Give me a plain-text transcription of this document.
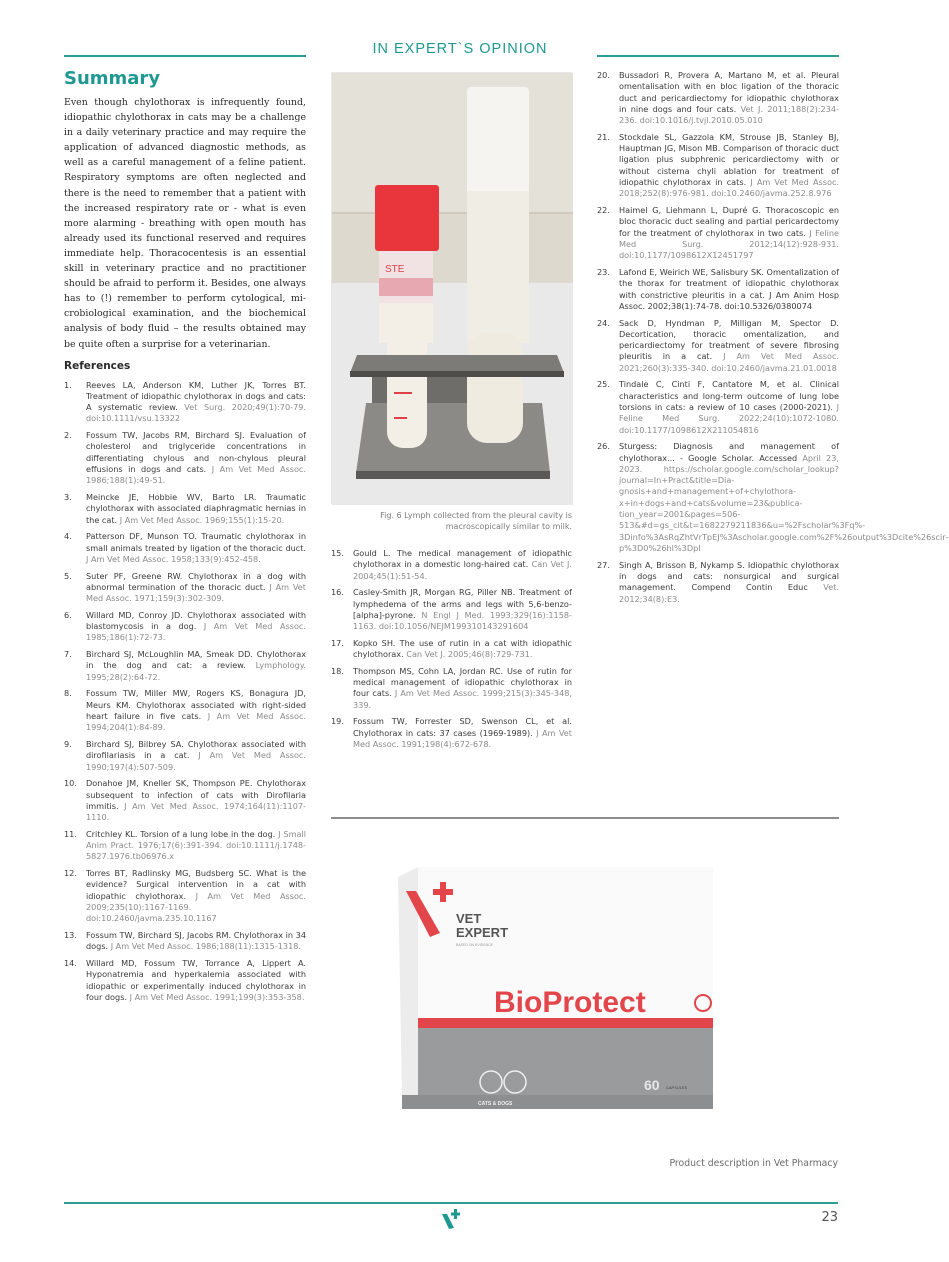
IN EXPERT`S OPINION
Summary

Even though chylothorax is infrequently found, idiopathic chylothorax in cats may be a challenge in a daily veterinary practice and may require the application of advanced diagnostic methods, as well as a careful management of a feline patient. Respiratory symptoms are often neglected and there is the need to remember that a patient with the increased respiratory rate or - what is even more alarming - breathing with open mouth has already used its functional reserved and requires immediate help. Thoracocentesis is an essential skill in veterinary practice and no practitioner should be afraid to perform it. Besides, one always has to (!) remember to perform cytological, microbiological examination, and the biochemical analysis of body fluid – the results obtained may be quite often a surprise for a veterinarian.

References
1. Reeves LA, Anderson KM, Luther JK, Torres BT. Treatment of idiopathic chylothorax in dogs and cats: A systematic review. Vet Surg. 2020;49(1):70-79. doi:10.1111/vsu.13322
2. Fossum TW, Jacobs RM, Birchard SJ. Evaluation of cholesterol and triglyceride concentrations in differentiating chylous and non-chylous pleural effusions in dogs and cats. J Am Vet Med Assoc. 1986;188(1):49-51.
3. Meincke JE, Hobbie WV, Barto LR. Traumatic chylothorax with associated diaphragmatic hernias in the cat. J Am Vet Med Assoc. 1969;155(1):15-20.
4. Patterson DF, Munson TO. Traumatic chylothorax in small animals treated by ligation of the thoracic duct. J Am Vet Med Assoc. 1958;133(9):452-458.
5. Suter PF, Greene RW. Chylothorax in a dog with abnormal termination of the thoracic duct. J Am Vet Med Assoc. 1971;159(3):302-309.
6. Willard MD, Conroy JD. Chylothorax associated with blastomycosis in a dog. J Am Vet Med Assoc. 1985;186(1):72-73.
7. Birchard SJ, McLoughlin MA, Smeak DD. Chylothorax in the dog and cat: a review. Lymphology. 1995;28(2):64-72.
8. Fossum TW, Miller MW, Rogers KS, Bonagura JD, Meurs KM. Chylothorax associated with right-sided heart failure in five cats. J Am Vet Med Assoc. 1994;204(1):84-89.
9. Birchard SJ, Bilbrey SA. Chylothorax associated with dirofilariasis in a cat. J Am Vet Med Assoc. 1990;197(4):507-509.
10. Donahoe JM, Kneller SK, Thompson PE. Chylothorax subsequent to infection of cats with Dirofilaria immitis. J Am Vet Med Assoc. 1974;164(11):1107-1110.
11. Critchley KL. Torsion of a lung lobe in the dog. J Small Anim Pract. 1976;17(6):391-394. doi:10.1111/j.1748-5827.1976.tb06976.x
12. Torres BT, Radlinsky MG, Budsberg SC. What is the evidence? Surgical intervention in a cat with idiopathic chylothorax. J Am Vet Med Assoc. 2009;235(10):1167-1169. doi:10.2460/javma.235.10.1167
13. Fossum TW, Birchard SJ, Jacobs RM. Chylothorax in 34 dogs. J Am Vet Med Assoc. 1986;188(11):1315-1318.
14. Willard MD, Fossum TW, Torrance A, Lippert A. Hyponatremia and hyperkalemia associated with idiopathic or experimentally induced chylothorax in four dogs. J Am Vet Med Assoc. 1991;199(3):353-358.
STE

Fig. 6 Lymph collected from the pleural cavity is macroscopically similar to milk.

15. Gould L. The medical management of idiopathic chylothorax in a domestic long-haired cat. Can Vet J. 2004;45(1):51-54.
16. Casley-Smith JR, Morgan RG, Piller NB. Treatment of lymphedema of the arms and legs with 5,6-benzo-[alpha]-pyrone. N Engl J Med. 1993;329(16):1158-1163. doi:10.1056/NEJM199310143291604
17. Kopko SH. The use of rutin in a cat with idiopathic chylothorax. Can Vet J. 2005;46(8):729-731.
18. Thompson MS, Cohn LA, Jordan RC. Use of rutin for medical management of idiopathic chylothorax in four cats. J Am Vet Med Assoc. 1999;215(3):345-348, 339.
19. Fossum TW, Forrester SD, Swenson CL, et al. Chylothorax in cats: 37 cases (1969-1989). J Am Vet Med Assoc. 1991;198(4):672-678.
20. Bussadori R, Provera A, Martano M, et al. Pleural omentalisation with en bloc ligation of the thoracic duct and pericardiectomy for idiopathic chylothorax in nine dogs and four cats. Vet J. 2011;188(2):234-236. doi:10.1016/j.tvjl.2010.05.010
21. Stockdale SL, Gazzola KM, Strouse JB, Stanley BJ, Hauptman JG, Mison MB. Comparison of thoracic duct ligation plus subphrenic pericardiectomy with or without cisterna chyli ablation for treatment of idiopathic chylothorax in cats. J Am Vet Med Assoc. 2018;252(8):976-981. doi:10.2460/javma.252.8.976
22. Haimel G, Liehmann L, Dupré G. Thoracoscopic en bloc thoracic duct sealing and partial pericardectomy for the treatment of chylothorax in two cats. J Feline Med Surg. 2012;14(12):928-931. doi:10.1177/1098612X12451797
23. Lafond E, Weirich WE, Salisbury SK. Omentalization of the thorax for treatment of idiopathic chylothorax with constrictive pleuritis in a cat. J Am Anim Hosp Assoc. 2002;38(1):74-78. doi:10.5326/0380074
24. Sack D, Hyndman P, Milligan M, Spector D. Decortication, thoracic omentalization, and pericardiectomy for treatment of severe fibrosing pleuritis in a cat. J Am Vet Med Assoc. 2021;260(3):335-340. doi:10.2460/javma.21.01.0018
25. Tindale C, Cinti F, Cantatore M, et al. Clinical characteristics and long-term outcome of lung lobe torsions in cats: a review of 10 cases (2000-2021). J Feline Med Surg. 2022;24(10):1072-1080. doi:10.1177/1098612X211054816
26. Sturgess: Diagnosis and management of chylothorax... - Google Scholar. Accessed April 23, 2023. https://scholar.google.com/scholar_lookup?journal=In+Pract&title=Diagnosis+and+management+of+chylothorax+in+dogs+and+cats&volume=23&publication_year=2001&pages=506-513&#d=gs_cit&t=1682279211836&u=%2Fscholar%3Fq%3Dinfo%3AsRqZhtVrTpEJ%3Ascholar.google.com%2F%26output%3Dcite%26scirp%3D0%26hl%3Dpl
27. Singh A, Brisson B, Nykamp S. Idiopathic chylothorax in dogs and cats: nonsurgical and surgical management. Compend Contin Educ Vet. 2012;34(8):E3.
VET
EXPERT
BASED ON EVIDENCE
BioProtect
CATS & DOGS
60 CAPSULES
Product description in Vet Pharmacy
23
